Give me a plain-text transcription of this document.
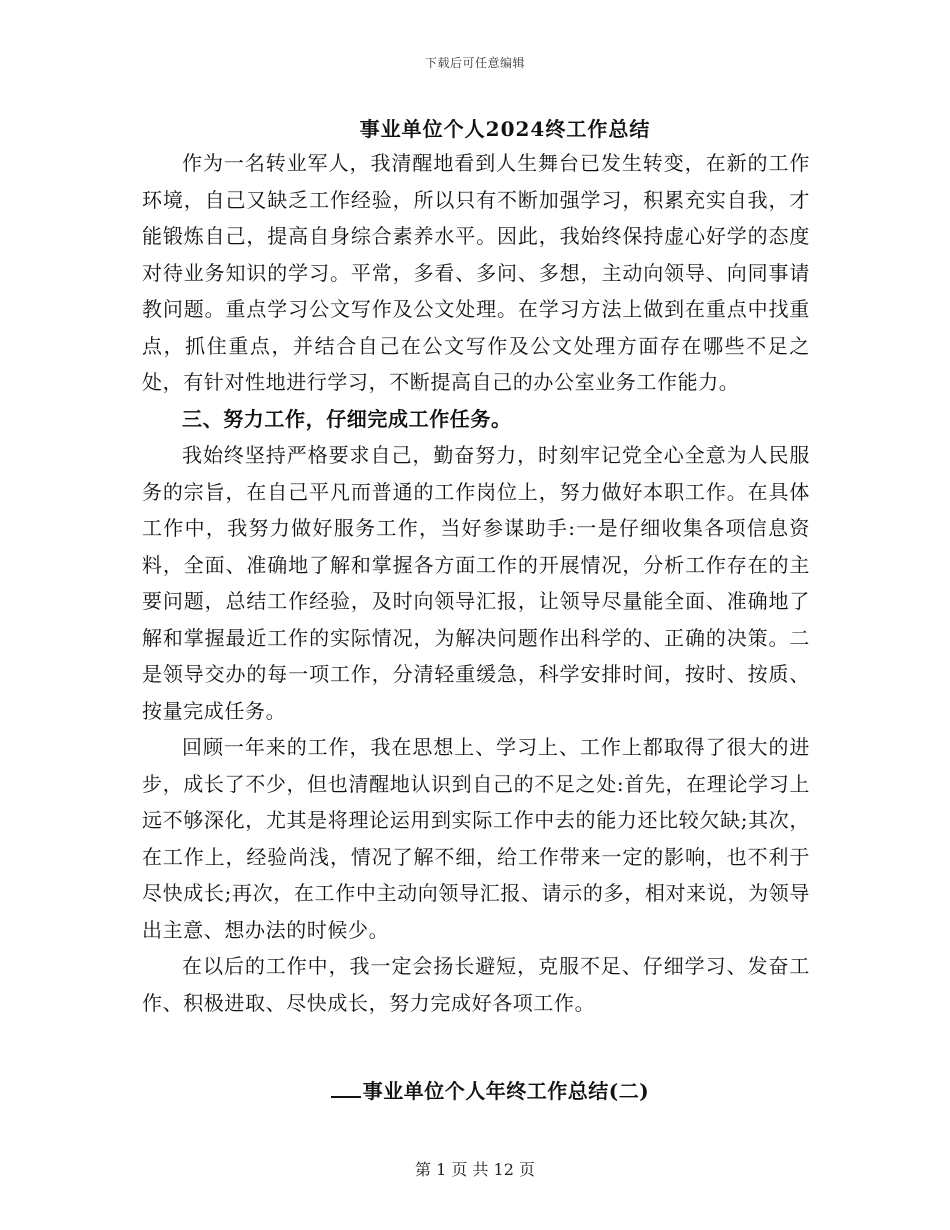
下载后可任意编辑
事业单位个人2024终工作总结

作为一名转业军人，我清醒地看到人生舞台已发生转变，在新的工作环境，自己又缺乏工作经验，所以只有不断加强学习，积累充实自我，才能锻炼自己，提高自身综合素养水平。因此，我始终保持虚心好学的态度对待业务知识的学习。平常，多看、多问、多想，主动向领导、向同事请教问题。重点学习公文写作及公文处理。在学习方法上做到在重点中找重点，抓住重点，并结合自己在公文写作及公文处理方面存在哪些不足之处，有针对性地进行学习，不断提高自己的办公室业务工作能力。

三、努力工作，仔细完成工作任务。

我始终坚持严格要求自己，勤奋努力，时刻牢记党全心全意为人民服务的宗旨，在自己平凡而普通的工作岗位上，努力做好本职工作。在具体工作中，我努力做好服务工作，当好参谋助手:一是仔细收集各项信息资料，全面、准确地了解和掌握各方面工作的开展情况，分析工作存在的主要问题，总结工作经验，及时向领导汇报，让领导尽量能全面、准确地了解和掌握最近工作的实际情况，为解决问题作出科学的、正确的决策。二是领导交办的每一项工作，分清轻重缓急，科学安排时间，按时、按质、按量完成任务。

回顾一年来的工作，我在思想上、学习上、工作上都取得了很大的进步，成长了不少，但也清醒地认识到自己的不足之处:首先，在理论学习上远不够深化，尤其是将理论运用到实际工作中去的能力还比较欠缺;其次，在工作上，经验尚浅，情况了解不细，给工作带来一定的影响，也不利于尽快成长;再次，在工作中主动向领导汇报、请示的多，相对来说，为领导出主意、想办法的时候少。

在以后的工作中，我一定会扬长避短，克服不足、仔细学习、发奋工作、积极进取、尽快成长，努力完成好各项工作。

事业单位个人年终工作总结(二)
第 1 页 共 12 页
